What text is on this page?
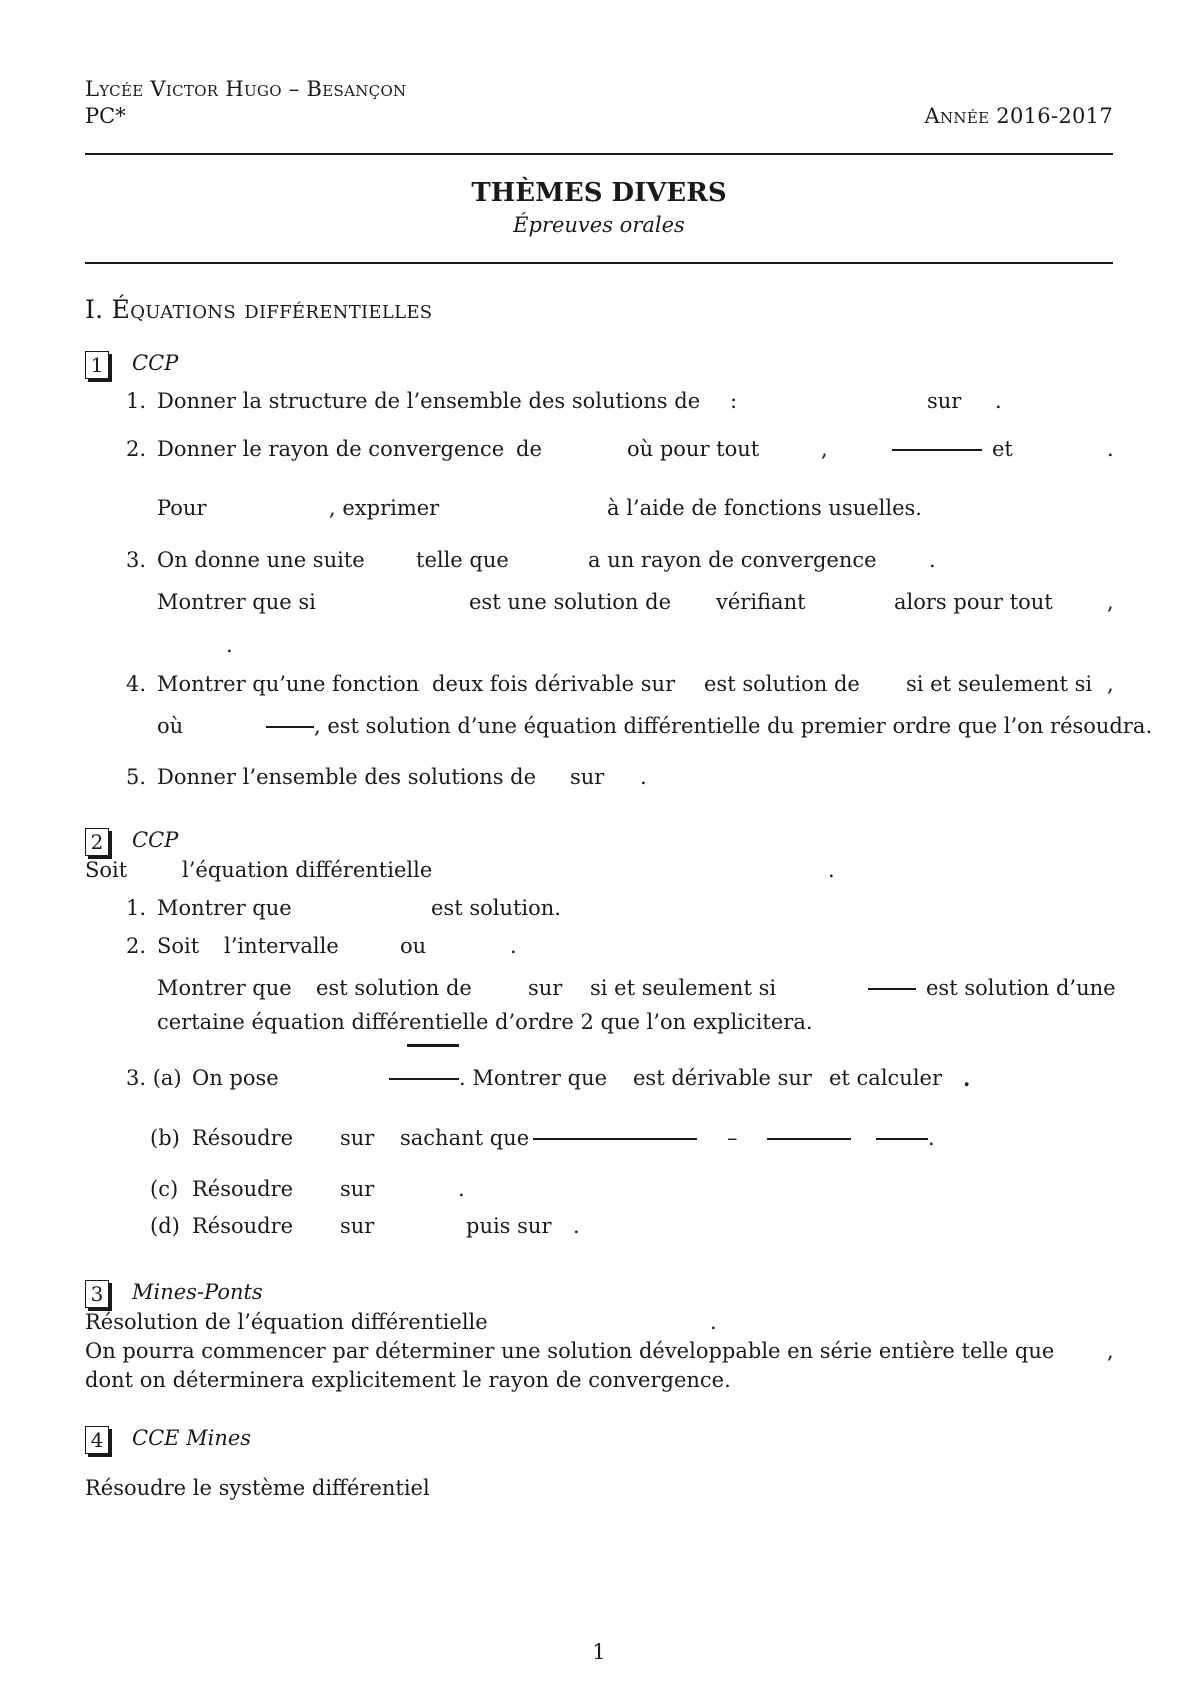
Lycée Victor Hugo – Besançon
PC*	Année 2016-2017
THÈMES DIVERS
Épreuves orales
I. Équations différentielles
1 CCP
1. Donner la structure de l’ensemble des solutions de :	sur .
2. Donner le rayon de convergence de	où pour tout	,	et	.
Pour	, exprimer	à l’aide de fonctions usuelles.
3. On donne une suite telle que	a un rayon de convergence .
Montrer que si	est une solution de vérifiant	alors pour tout	,
.
4. Montrer qu’une fonction deux fois dérivable sur est solution de si et seulement si ,
où	, est solution d’une équation différentielle du premier ordre que l’on résoudra.
5. Donner l’ensemble des solutions de sur .
2 CCP
Soit	l’équation différentielle	.
1. Montrer que	est solution.
2. Soit l’intervalle	ou	.
Montrer que est solution de	sur si et seulement si	est solution d’une
certaine équation différentielle d’ordre 2 que l’on explicitera.
3. (a) On pose	. Montrer que est dérivable sur et calculer .
(b) Résoudre sur sachant que	–	.
(c) Résoudre sur	.
(d) Résoudre sur	puis sur .
3 Mines-Ponts
Résolution de l’équation différentielle	.
On pourra commencer par déterminer une solution développable en série entière telle que	,
dont on déterminera explicitement le rayon de convergence.
4 CCE Mines
Résoudre le système différentiel
1
